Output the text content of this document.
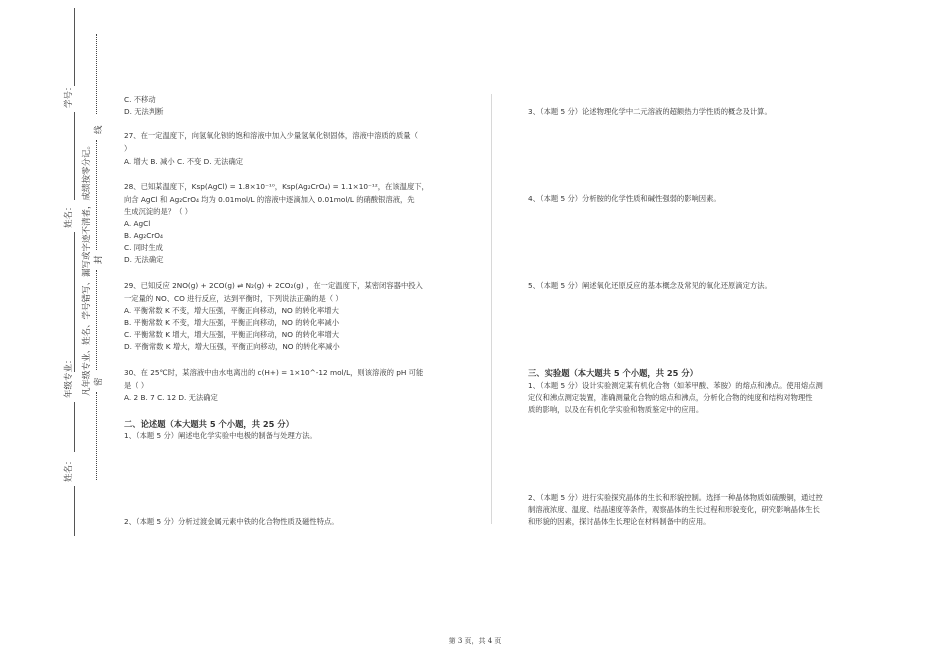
学号：
姓名：
年级专业：
姓名：
凡年级专业、姓名、学号错写、漏写或字迹不清者，成绩按零分记。
线
封
密
C. 不移动
D. 无法判断
27、在一定温度下，向氢氧化钡的饱和溶液中加入少量氢氧化钡固体，溶液中溶质的质量（
）
A. 增大 B. 减小 C. 不变 D. 无法确定
28、已知某温度下，Ksp(AgCl) = 1.8×10⁻¹⁰，Ksp(Ag₂CrO₄) = 1.1×10⁻¹²，在该温度下，
向含 AgCl 和 Ag₂CrO₄ 均为 0.01mol/L 的溶液中逐滴加入 0.01mol/L 的硝酸银溶液，先
生成沉淀的是？（ ）
A. AgCl
B. Ag₂CrO₄
C. 同时生成
D. 无法确定
29、已知反应 2NO(g) + 2CO(g) ⇌ N₂(g) + 2CO₂(g) ，在一定温度下，某密闭容器中投入
一定量的 NO、CO 进行反应，达到平衡时，下列说法正确的是（ ）
A. 平衡常数 K 不变，增大压强，平衡正向移动，NO 的转化率增大
B. 平衡常数 K 不变，增大压强，平衡正向移动，NO 的转化率减小
C. 平衡常数 K 增大，增大压强，平衡正向移动，NO 的转化率增大
D. 平衡常数 K 增大，增大压强，平衡正向移动，NO 的转化率减小
30、在 25℃时，某溶液中由水电离出的 c(H+) = 1×10^-12 mol/L，则该溶液的 pH 可能
是（ ）
A. 2 B. 7 C. 12 D. 无法确定
二、论述题（本大题共 5 个小题，共 25 分）
1、（本题 5 分）阐述电化学实验中电极的制备与处理方法。
2、（本题 5 分）分析过渡金属元素中铁的化合物性质及磁性特点。
3、（本题 5 分）论述物理化学中二元溶液的超额热力学性质的概念及计算。
4、（本题 5 分）分析胺的化学性质和碱性强弱的影响因素。
5、（本题 5 分）阐述氧化还原反应的基本概念及常见的氧化还原滴定方法。
三、实验题（本大题共 5 个小题，共 25 分）
1、（本题 5 分）设计实验测定某有机化合物（如苯甲酸、苯胺）的熔点和沸点。使用熔点测
定仪和沸点测定装置，准确测量化合物的熔点和沸点，分析化合物的纯度和结构对物理性
质的影响，以及在有机化学实验和物质鉴定中的应用。
2、（本题 5 分）进行实验探究晶体的生长和形貌控制。选择一种晶体物质如硫酸铜，通过控
制溶液浓度、温度、结晶速度等条件，观察晶体的生长过程和形貌变化，研究影响晶体生长
和形貌的因素，探讨晶体生长理论在材料制备中的应用。
第 3 页，共 4 页
